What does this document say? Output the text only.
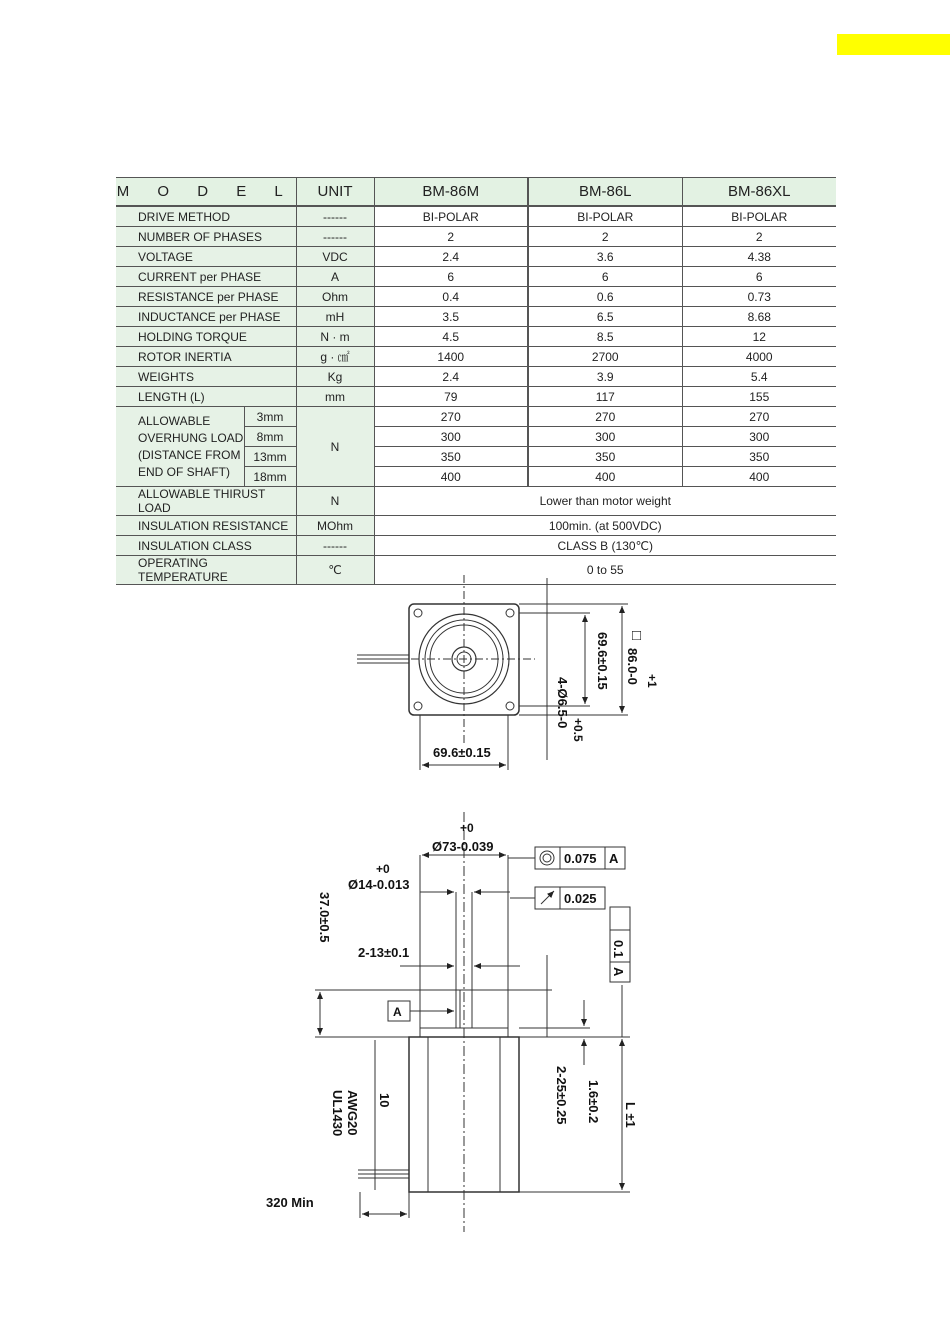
M O D E L		UNIT	BM-86M	BM-86L	BM-86XL
DRIVE METHOD		------	BI-POLAR	BI-POLAR	BI-POLAR
NUMBER OF PHASES		------	2	2	2
VOLTAGE		VDC	2.4	3.6	4.38
CURRENT per PHASE		A	6	6	6
RESISTANCE per PHASE		Ohm	0.4	0.6	0.73
INDUCTANCE per PHASE		mH	3.5	6.5	8.68
HOLDING TORQUE		N · m	4.5	8.5	12
ROTOR INERTIA		g · ㎠	1400	2700	4000
WEIGHTS		Kg	2.4	3.9	5.4
LENGTH (L)		mm	79	117	155

ALLOWABLE
OVERHUNG LOAD
(DISTANCE FROM
END OF SHAFT)	3mm	N	270	270	270
	8mm		300	300	300
	13mm		350	350	350
	18mm		400	400	400
ALLOWABLE THIRUST LOAD		N	Lower than motor weight		
INSULATION RESISTANCE		MOhm	100min. (at 500VDC)		
INSULATION CLASS		------	CLASS B (130℃)		
OPERATING TEMPERATURE		℃	0 to 55		
69.6±0.15
69.6±0.15 □
86.0-0 +1
4-Ø6.5-0
+0.5
+0
Ø73-0.039
+0
Ø14-0.013
0.075 A
0.025
0.1
A
37.0±0.5
2-13±0.1
A
10	2-25±0.25 1.6±0.2 L ±1
AWG20
UL1430
320 Min
